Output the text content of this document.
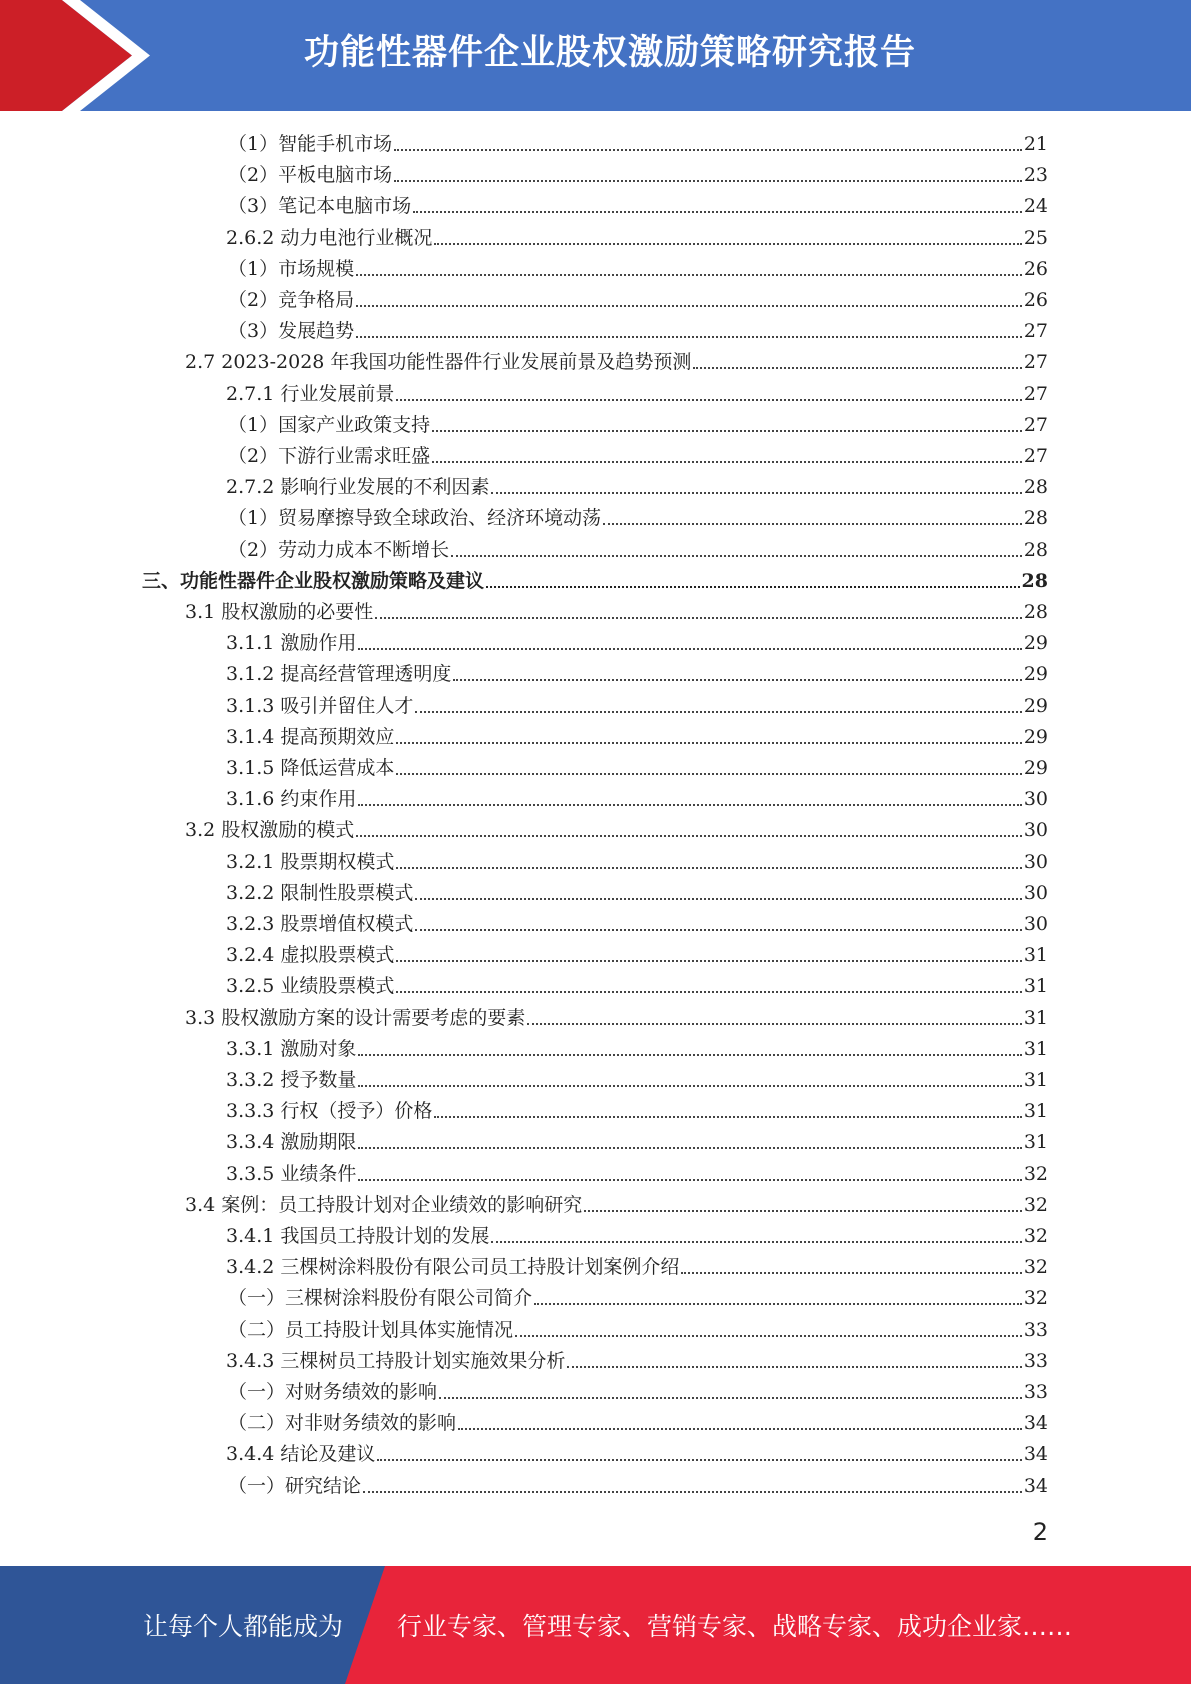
功能性器件企业股权激励策略研究报告
（1）智能手机市场	21
（2）平板电脑市场	23
（3）笔记本电脑市场	24
2.6.2 动力电池行业概况	25
（1）市场规模	26
（2）竞争格局	26
（3）发展趋势	27
2.7 2023-2028 年我国功能性器件行业发展前景及趋势预测	27
2.7.1 行业发展前景	27
（1）国家产业政策支持	27
（2）下游行业需求旺盛	27
2.7.2 影响行业发展的不利因素	28
（1）贸易摩擦导致全球政治、经济环境动荡	28
（2）劳动力成本不断增长	28
三、功能性器件企业股权激励策略及建议	28
3.1 股权激励的必要性	28
3.1.1 激励作用	29
3.1.2 提高经营管理透明度	29
3.1.3 吸引并留住人才	29
3.1.4 提高预期效应	29
3.1.5 降低运营成本	29
3.1.6 约束作用	30
3.2 股权激励的模式	30
3.2.1 股票期权模式	30
3.2.2 限制性股票模式	30
3.2.3 股票增值权模式	30
3.2.4 虚拟股票模式	31
3.2.5 业绩股票模式	31
3.3 股权激励方案的设计需要考虑的要素	31
3.3.1 激励对象	31
3.3.2 授予数量	31
3.3.3 行权（授予）价格	31
3.3.4 激励期限	31
3.3.5 业绩条件	32
3.4 案例：员工持股计划对企业绩效的影响研究	32
3.4.1 我国员工持股计划的发展	32
3.4.2 三棵树涂料股份有限公司员工持股计划案例介绍	32
（一）三棵树涂料股份有限公司简介	32
（二）员工持股计划具体实施情况	33
3.4.3 三棵树员工持股计划实施效果分析	33
（一）对财务绩效的影响	33
（二）对非财务绩效的影响	34
3.4.4 结论及建议	34
（一）研究结论	34
2
让每个人都能成为 行业专家、管理专家、营销专家、战略专家、成功企业家……
